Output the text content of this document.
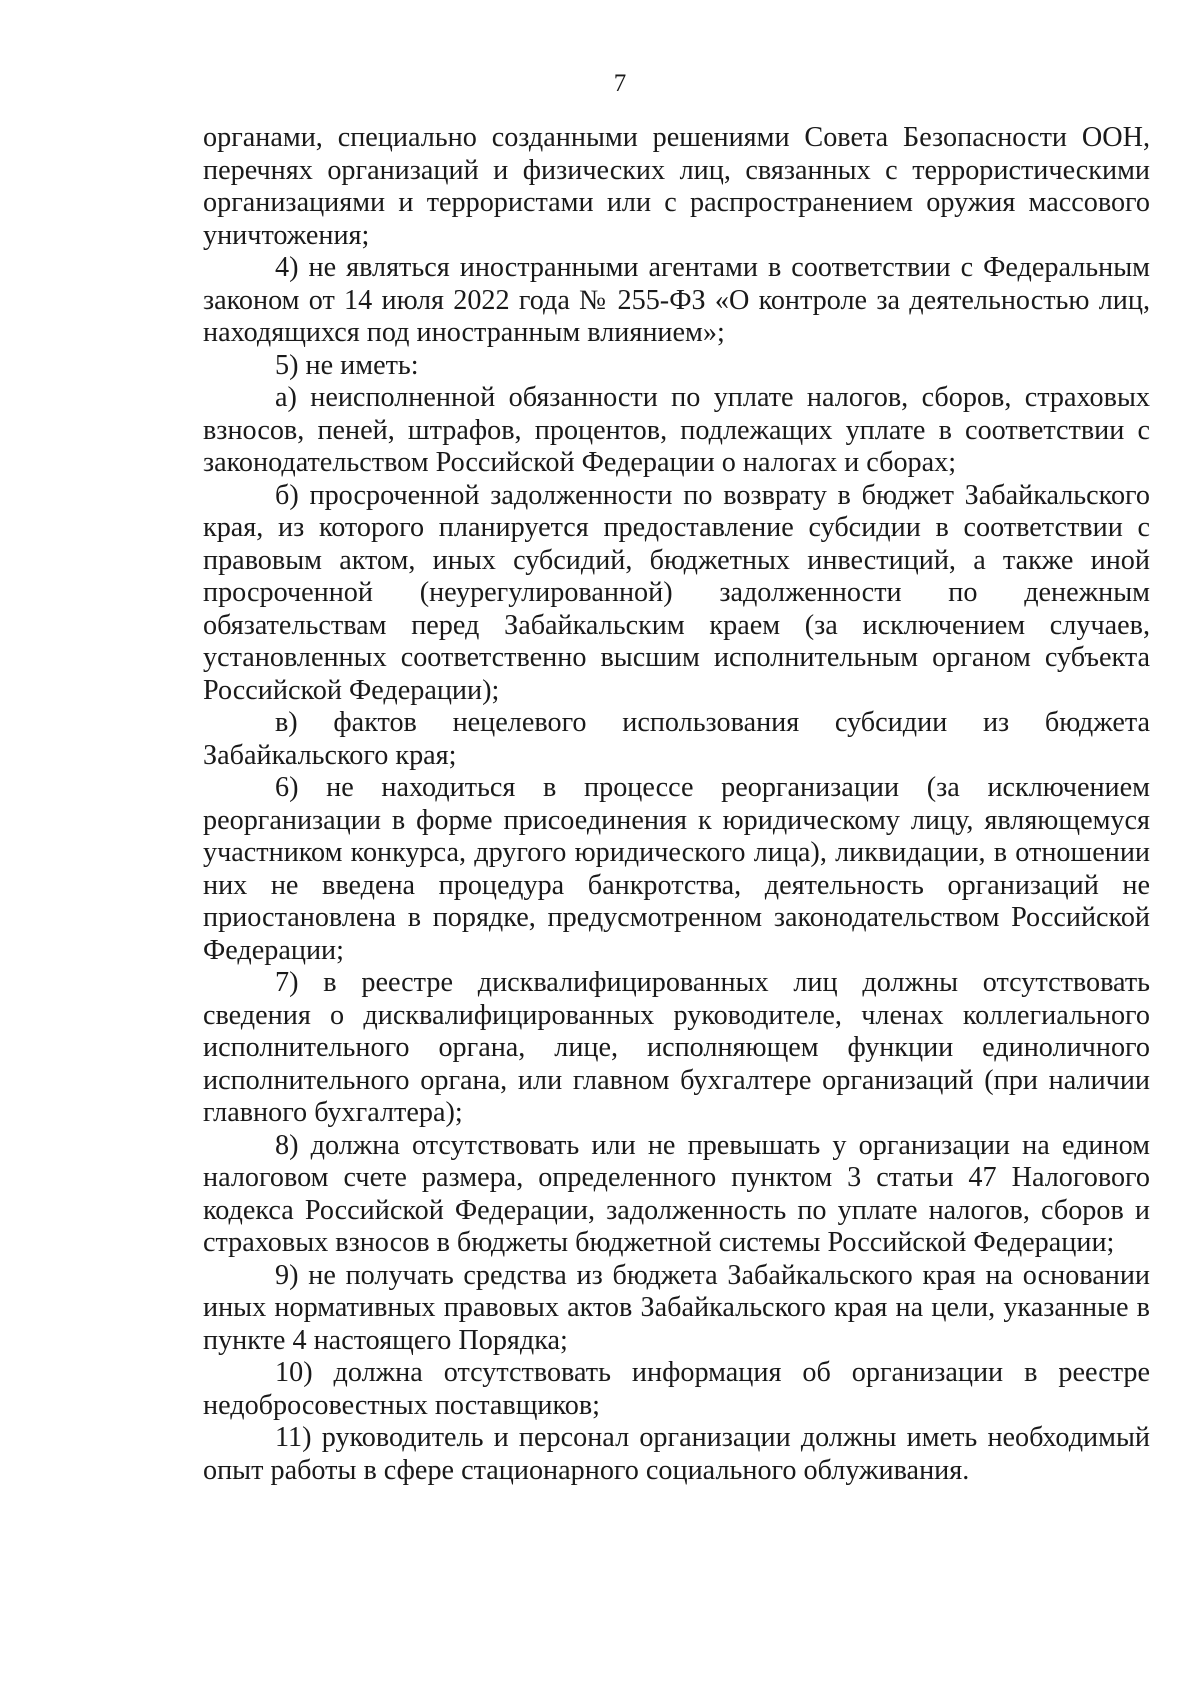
7

органами, специально созданными решениями Совета Безопасности ООН, перечнях организаций и физических лиц, связанных с террористическими организациями и террористами или с распространением оружия массового уничтожения;

4) не являться иностранными агентами в соответствии с Федеральным законом от 14 июля 2022 года № 255-ФЗ «О контроле за деятельностью лиц, находящихся под иностранным влиянием»;

5) не иметь:

а) неисполненной обязанности по уплате налогов, сборов, страховых взносов, пеней, штрафов, процентов, подлежащих уплате в соответствии с законодательством Российской Федерации о налогах и сборах;

б) просроченной задолженности по возврату в бюджет Забайкальского края, из которого планируется предоставление субсидии в соответствии с правовым актом, иных субсидий, бюджетных инвестиций, а также иной просроченной (неурегулированной) задолженности по денежным обязательствам перед Забайкальским краем (за исключением случаев, установленных соответственно высшим исполнительным органом субъекта Российской Федерации);

в) фактов нецелевого использования субсидии из бюджета Забайкальского края;

6) не находиться в процессе реорганизации (за исключением реорганизации в форме присоединения к юридическому лицу, являющемуся участником конкурса, другого юридического лица), ликвидации, в отношении них не введена процедура банкротства, деятельность организаций не приостановлена в порядке, предусмотренном законодательством Российской Федерации;

7) в реестре дисквалифицированных лиц должны отсутствовать сведения о дисквалифицированных руководителе, членах коллегиального исполнительного органа, лице, исполняющем функции единоличного исполнительного органа, или главном бухгалтере организаций (при наличии главного бухгалтера);

8) должна отсутствовать или не превышать у организации на едином налоговом счете размера, определенного пунктом 3 статьи 47 Налогового кодекса Российской Федерации, задолженность по уплате налогов, сборов и страховых взносов в бюджеты бюджетной системы Российской Федерации;

9) не получать средства из бюджета Забайкальского края на основании иных нормативных правовых актов Забайкальского края на цели, указанные в пункте 4 настоящего Порядка;

10) должна отсутствовать информация об организации в реестре недобросовестных поставщиков;

11) руководитель и персонал организации должны иметь необходимый опыт работы в сфере стационарного социального облуживания.
